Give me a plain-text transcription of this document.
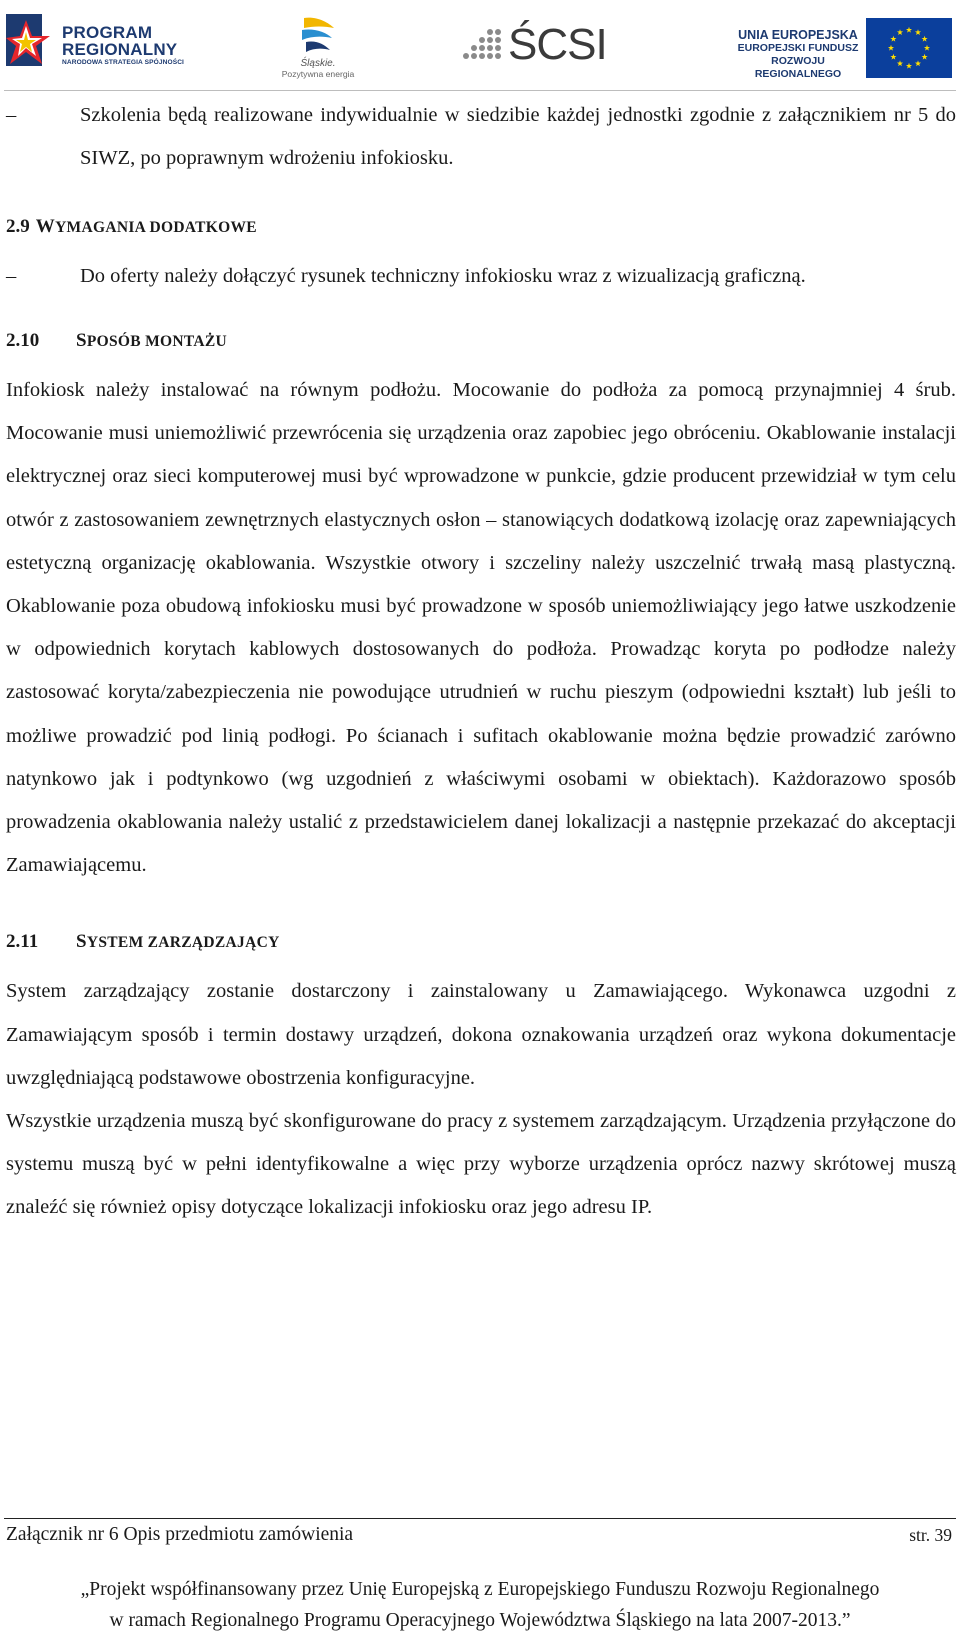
PROGRAM
REGIONALNY
NARODOWA STRATEGIA SPÓJNOŚCI	Śląskie.
Pozytywna energia
ŚCSI	UNIA EUROPEJSKA
EUROPEJSKI FUNDUSZ
ROZWOJU REGIONALNEGO

–	Szkolenia będą realizowane indywidualnie w siedzibie każdej jednostki zgodnie z załącznikiem nr 5 do SIWZ, po poprawnym wdrożeniu infokiosku.

2.9 WYMAGANIA DODATKOWE

–	Do oferty należy dołączyć rysunek techniczny infokiosku wraz z wizualizacją graficzną.

2.10	SPOSÓB MONTAŻU

Infokiosk należy instalować na równym podłożu. Mocowanie do podłoża za pomocą przynajmniej 4 śrub. Mocowanie musi uniemożliwić przewrócenia się urządzenia oraz zapobiec jego obróceniu. Okablowanie instalacji elektrycznej oraz sieci komputerowej musi być wprowadzone w punkcie, gdzie producent przewidział w tym celu otwór z zastosowaniem zewnętrznych elastycznych osłon – stanowiących dodatkową izolację oraz zapewniających estetyczną organizację okablowania. Wszystkie otwory i szczeliny należy uszczelnić trwałą masą plastyczną. Okablowanie poza obudową infokiosku musi być prowadzone w sposób uniemożliwiający jego łatwe uszkodzenie w odpowiednich korytach kablowych dostosowanych do podłoża. Prowadząc koryta po podłodze należy zastosować koryta/zabezpieczenia nie powodujące utrudnień w ruchu pieszym (odpowiedni kształt) lub jeśli to możliwe prowadzić pod linią podłogi. Po ścianach i sufitach okablowanie można będzie prowadzić zarówno natynkowo jak i podtynkowo (wg uzgodnień z właściwymi osobami w obiektach). Każdorazowo sposób prowadzenia okablowania należy ustalić z przedstawicielem danej lokalizacji a następnie przekazać do akceptacji Zamawiającemu.

2.11	SYSTEM ZARZĄDZAJĄCY

System zarządzający zostanie dostarczony i zainstalowany u Zamawiającego. Wykonawca uzgodni z Zamawiającym sposób i termin dostawy urządzeń, dokona oznakowania urządzeń oraz wykona dokumentacje uwzględniającą podstawowe obostrzenia konfiguracyjne.

Wszystkie urządzenia muszą być skonfigurowane do pracy z systemem zarządzającym. Urządzenia przyłączone do systemu muszą być w pełni identyfikowalne a więc przy wyborze urządzenia oprócz nazwy skrótowej muszą znaleźć się również opisy dotyczące lokalizacji infokiosku oraz jego adresu IP.

Załącznik nr 6 Opis przedmiotu zamówienia	str. 39
„Projekt współfinansowany przez Unię Europejską z Europejskiego Funduszu Rozwoju Regionalnego
w ramach Regionalnego Programu Operacyjnego Województwa Śląskiego na lata 2007-2013.”
